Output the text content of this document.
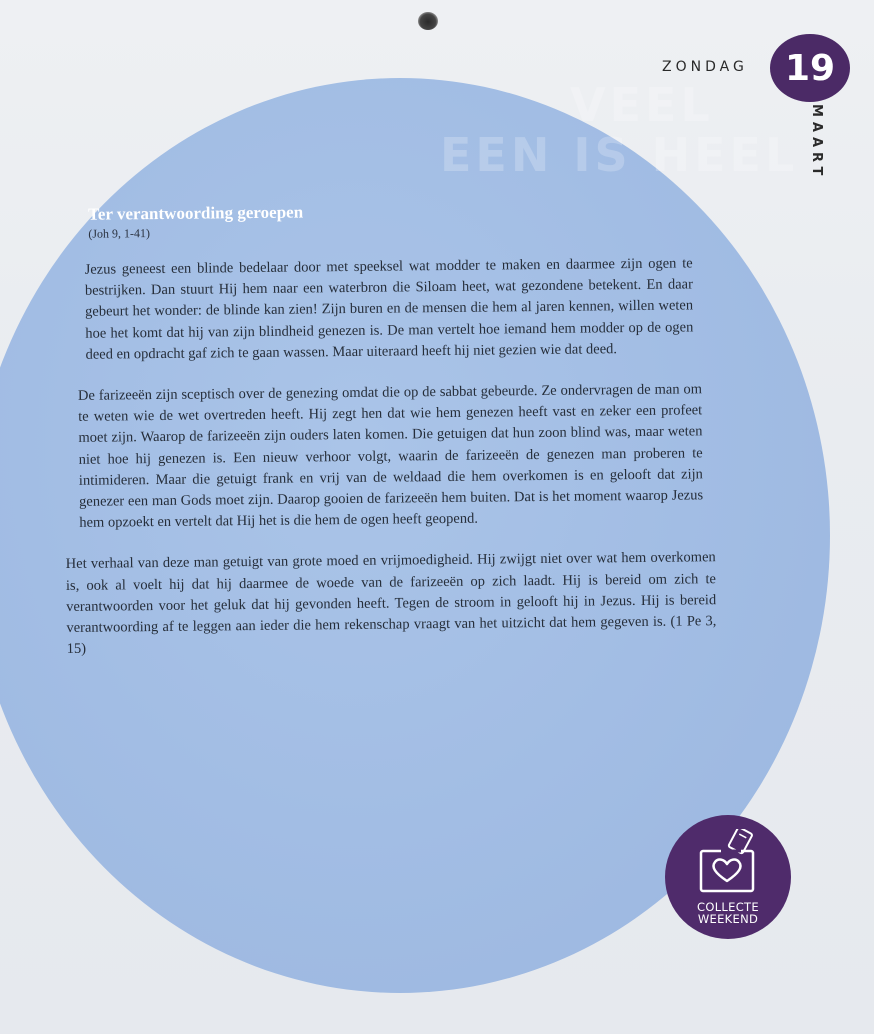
VEEL
EEN IS HEEL
ZONDAG 19
MAART
Ter verantwoording geroepen
(Joh 9, 1-41)

Jezus geneest een blinde bedelaar door met speeksel wat modder te maken en daarmee zijn ogen te bestrijken. Dan stuurt Hij hem naar een waterbron die Siloam heet, wat gezondene betekent. En daar gebeurt het wonder: de blinde kan zien! Zijn buren en de mensen die hem al jaren kennen, willen weten hoe het komt dat hij van zijn blindheid genezen is. De man vertelt hoe iemand hem modder op de ogen deed en opdracht gaf zich te gaan wassen. Maar uiteraard heeft hij niet gezien wie dat deed.

De farizeeën zijn sceptisch over de genezing omdat die op de sabbat gebeurde. Ze ondervragen de man om te weten wie de wet overtreden heeft. Hij zegt hen dat wie hem genezen heeft vast en zeker een profeet moet zijn. Waarop de farizeeën zijn ouders laten komen. Die getuigen dat hun zoon blind was, maar weten niet hoe hij genezen is. Een nieuw verhoor volgt, waarin de farizeeën de genezen man proberen te intimideren. Maar die getuigt frank en vrij van de weldaad die hem overkomen is en gelooft dat zijn genezer een man Gods moet zijn. Daarop gooien de farizeeën hem buiten. Dat is het moment waarop Jezus hem opzoekt en vertelt dat Hij het is die hem de ogen heeft geopend.

Het verhaal van deze man getuigt van grote moed en vrijmoedigheid. Hij zwijgt niet over wat hem overkomen is, ook al voelt hij dat hij daarmee de woede van de farizeeën op zich laadt. Hij is bereid om zich te verantwoorden voor het geluk dat hij gevonden heeft. Tegen de stroom in gelooft hij in Jezus. Hij is bereid verantwoording af te leggen aan ieder die hem rekenschap vraagt van het uitzicht dat hem gegeven is. (1 Pe 3, 15)

COLLECTE
WEEKEND
